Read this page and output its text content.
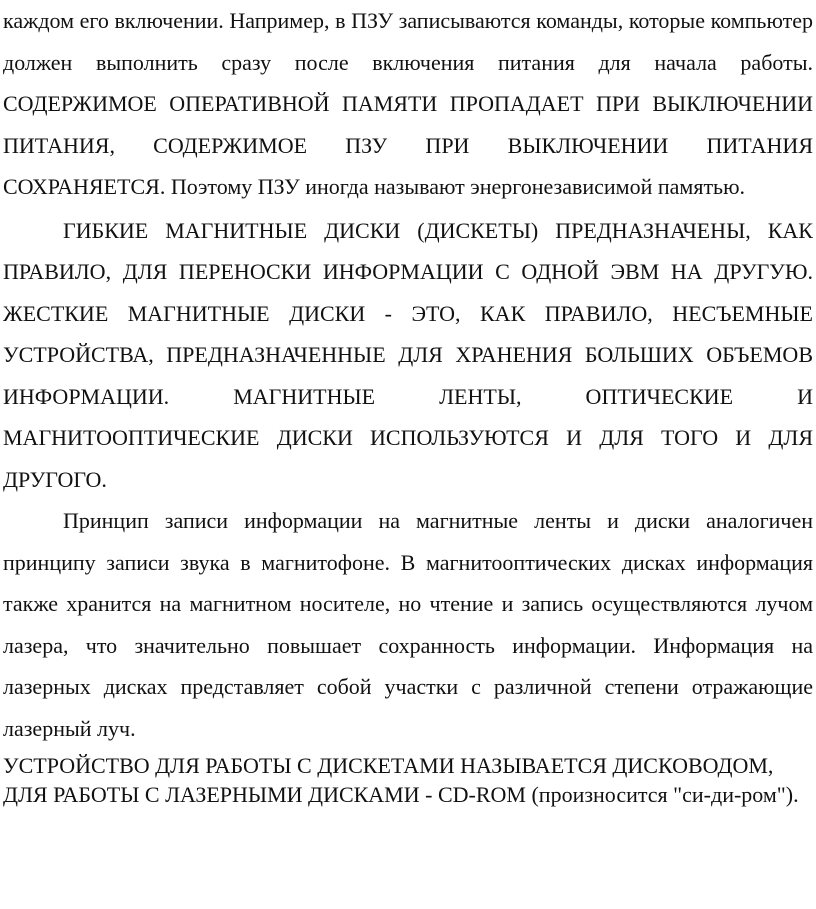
каждом его включении. Например, в ПЗУ записываются команды, которые компьютер должен выполнить сразу после включения питания для начала работы. СОДЕРЖИМОЕ ОПЕРАТИВНОЙ ПАМЯТИ ПРОПАДАЕТ ПРИ ВЫКЛЮЧЕНИИ ПИТАНИЯ, СОДЕРЖИМОЕ ПЗУ ПРИ ВЫКЛЮЧЕНИИ ПИТАНИЯ СОХРАНЯЕТСЯ. Поэтому ПЗУ иногда называют энергонезависимой памятью.

ГИБКИЕ МАГНИТНЫЕ ДИСКИ (ДИСКЕТЫ) ПРЕДНАЗНАЧЕНЫ, КАК ПРАВИЛО, ДЛЯ ПЕРЕНОСКИ ИНФОРМАЦИИ С ОДНОЙ ЭВМ НА ДРУГУЮ. ЖЕСТКИЕ МАГНИТНЫЕ ДИСКИ - ЭТО, КАК ПРАВИЛО, НЕСЪЕМНЫЕ УСТРОЙСТВА, ПРЕДНАЗНАЧЕННЫЕ ДЛЯ ХРАНЕНИЯ БОЛЬШИХ ОБЪЕМОВ ИНФОРМАЦИИ. МАГНИТНЫЕ ЛЕНТЫ, ОПТИЧЕСКИЕ И МАГНИТООПТИЧЕСКИЕ ДИСКИ ИСПОЛЬЗУЮТСЯ И ДЛЯ ТОГО И ДЛЯ ДРУГОГО.

Принцип записи информации на магнитные ленты и диски аналогичен принципу записи звука в магнитофоне. В магнитооптических дисках информация также хранится на магнитном носителе, но чтение и запись осуществляются лучом лазера, что значительно повышает сохранность информации. Информация на лазерных дисках представляет собой участки с различной степени отражающие лазерный луч.

УСТРОЙСТВО ДЛЯ РАБОТЫ С ДИСКЕТАМИ НАЗЫВАЕТСЯ ДИСКОВОДОМ, ДЛЯ РАБОТЫ С ЛАЗЕРНЫМИ ДИСКАМИ - CD-ROM (произносится "си-ди-ром").
